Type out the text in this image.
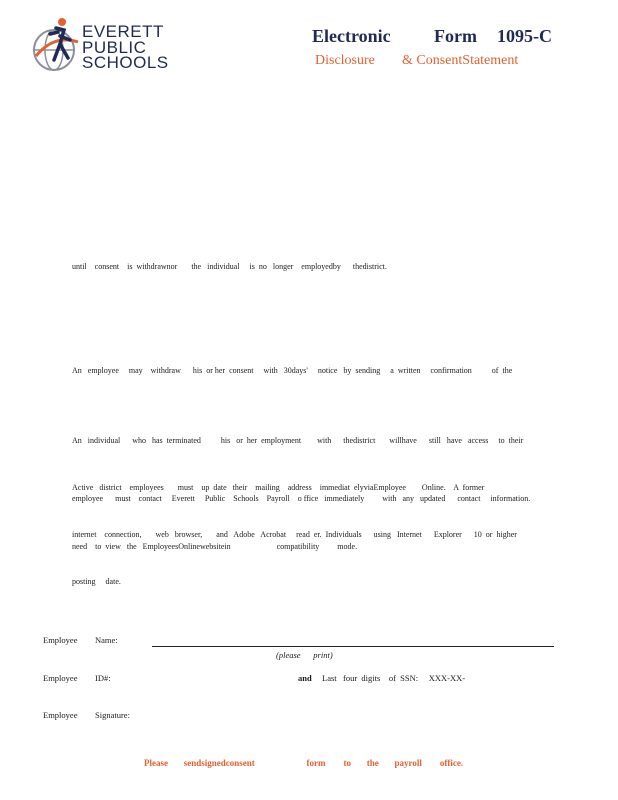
EVERETT
PUBLIC
SCHOOLS

Electronic Form 1095-C
Disclosure & ConsentStatement
until    consent    is  withdrawnor       the   individual     is  no   longer    employedby      thedistrict.
An   employee     may    withdraw      his  or her  consent     with   30days'     notice   by  sending     a  written     confirmation          of  the
An   individual      who   has  terminated          his   or  her  employment        with      thedistrict       willhave      still   have   access     to  their
Active   district    employees       must    up  date   their    mailing    address    immediat  elyviaEmployee        Online.    A  former
employee      must    contact     Everett     Public    Schools    Payroll    o ffice   immediately         with   any   updated      contact     information.
internet    connection,       web   browser,       and   Adobe   Acrobat     read  er.  Individuals      using   Internet      Explorer      10  or  higher
need    to  view   the   EmployeesOnlinewebsitein                       compatibility         mode.
posting     date.
Employee Name:
(please      print)
Employee ID#:	and Last   four  digits    of  SSN:     XXX-XX-
Employee Signature:
Please       sendsignedconsent                       form        to       the       payroll        office.
